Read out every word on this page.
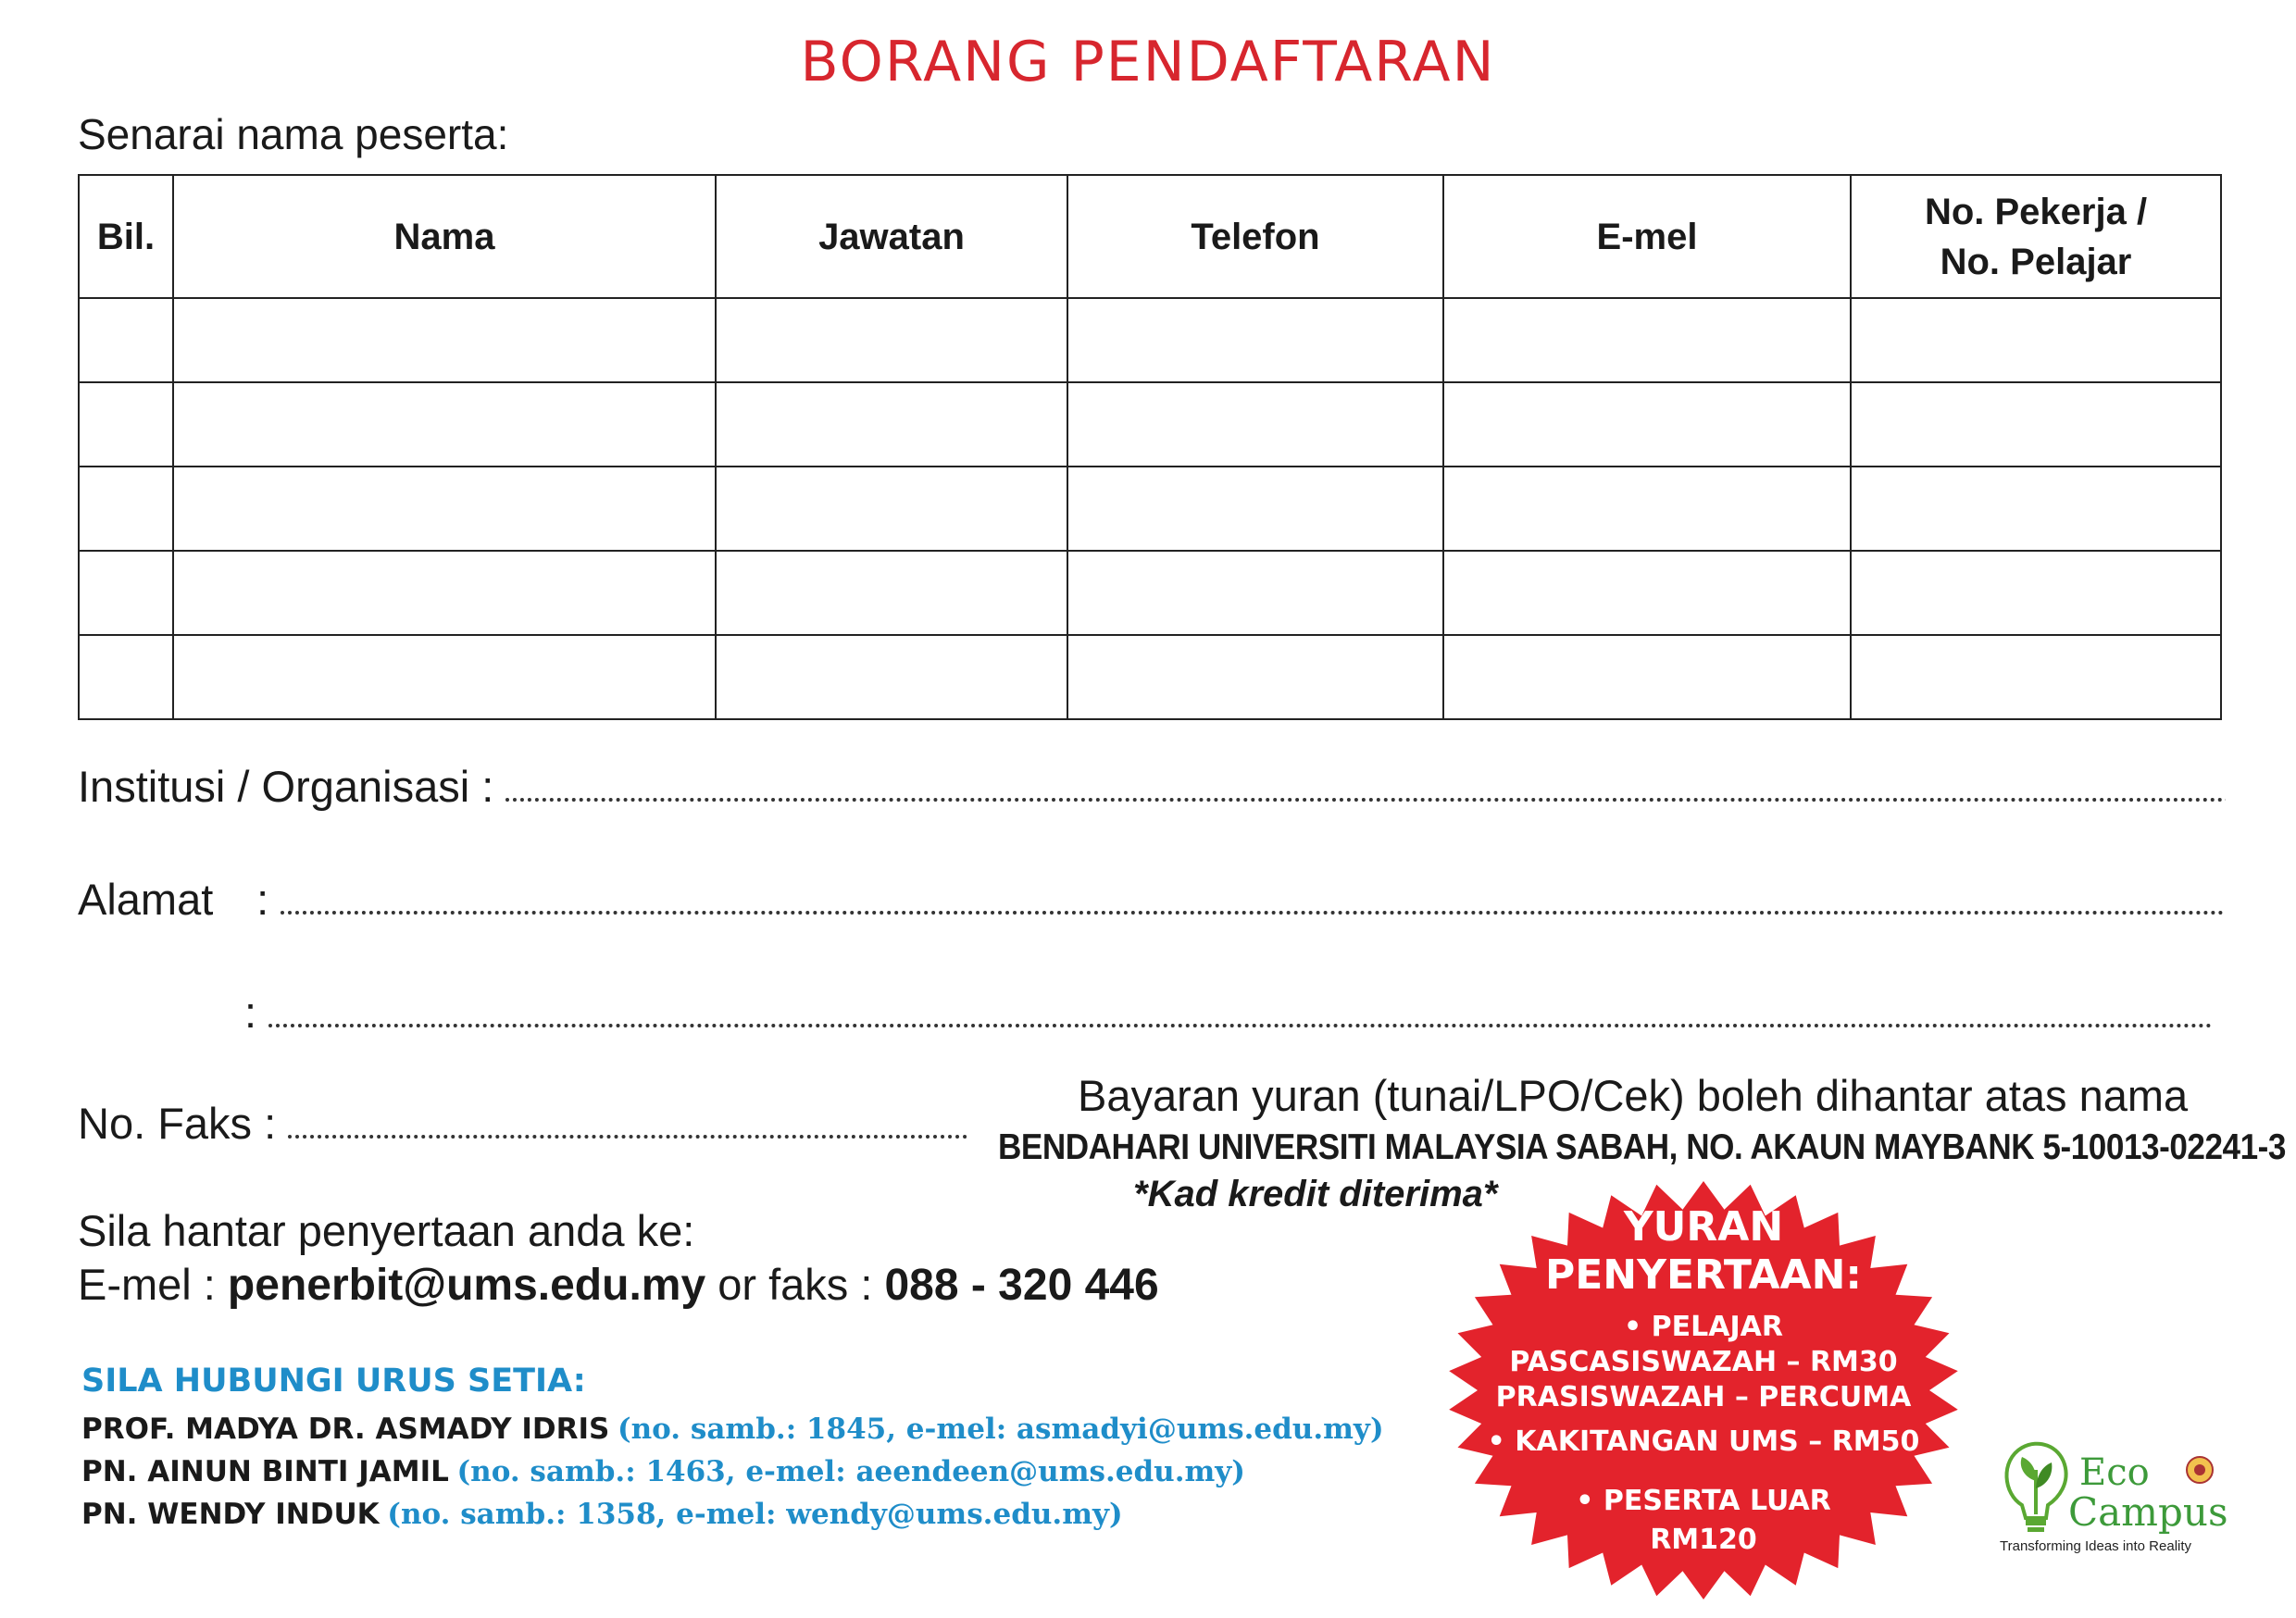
BORANG PENDAFTARAN
Senarai nama peserta:
Bil.	Nama	Jawatan	Telefon	E-mel	No. Pekerja /
No. Pelajar

Institusi / Organisasi :
Alamat :
:
No. Faks :
Bayaran yuran (tunai/LPO/Cek) boleh dihantar atas nama
BENDAHARI UNIVERSITI MALAYSIA SABAH, NO. AKAUN MAYBANK 5-10013-02241-3
*Kad kredit diterima*
Sila hantar penyertaan anda ke:
E-mel : penerbit@ums.edu.my or faks : 088 - 320 446
SILA HUBUNGI URUS SETIA:
PROF. MADYA DR. ASMADY IDRIS (no. samb.: 1845, e-mel: asmadyi@ums.edu.my)
PN. AINUN BINTI JAMIL (no. samb.: 1463, e-mel: aeendeen@ums.edu.my)
PN. WENDY INDUK (no. samb.: 1358, e-mel: wendy@ums.edu.my)
YURAN
PENYERTAAN:
• PELAJAR
PASCASISWAZAH – RM30
PRASISWAZAH – PERCUMA
• KAKITANGAN UMS – RM50
• PESERTA LUAR
RM120
Eco
Campus
Transforming Ideas into Reality
